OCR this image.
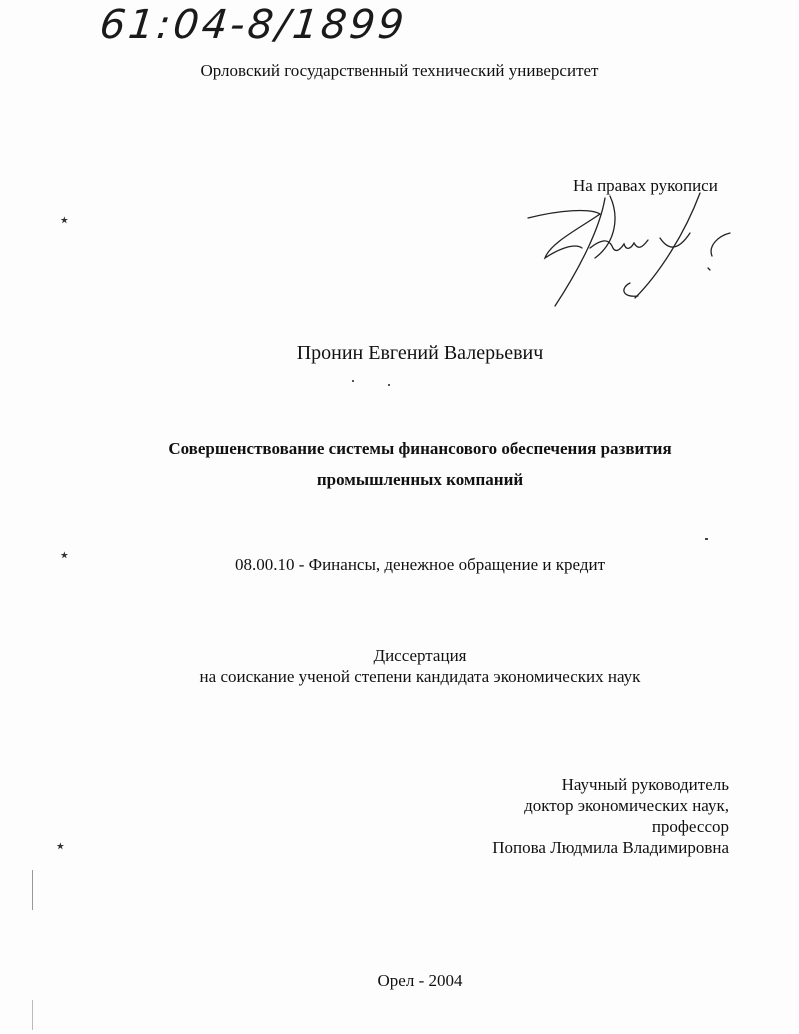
61:04-8/1899
Орловский государственный технический университет
На правах рукописи
Пронин Евгений Валерьевич
Совершенствование системы финансового обеспечения развития
промышленных компаний
08.00.10 - Финансы, денежное обращение и кредит
Диссертация
на соискание ученой степени кандидата экономических наук
Научный руководитель
доктор экономических наук,
профессор
Попова Людмила Владимировна
Орел - 2004
٭
٭
٭
